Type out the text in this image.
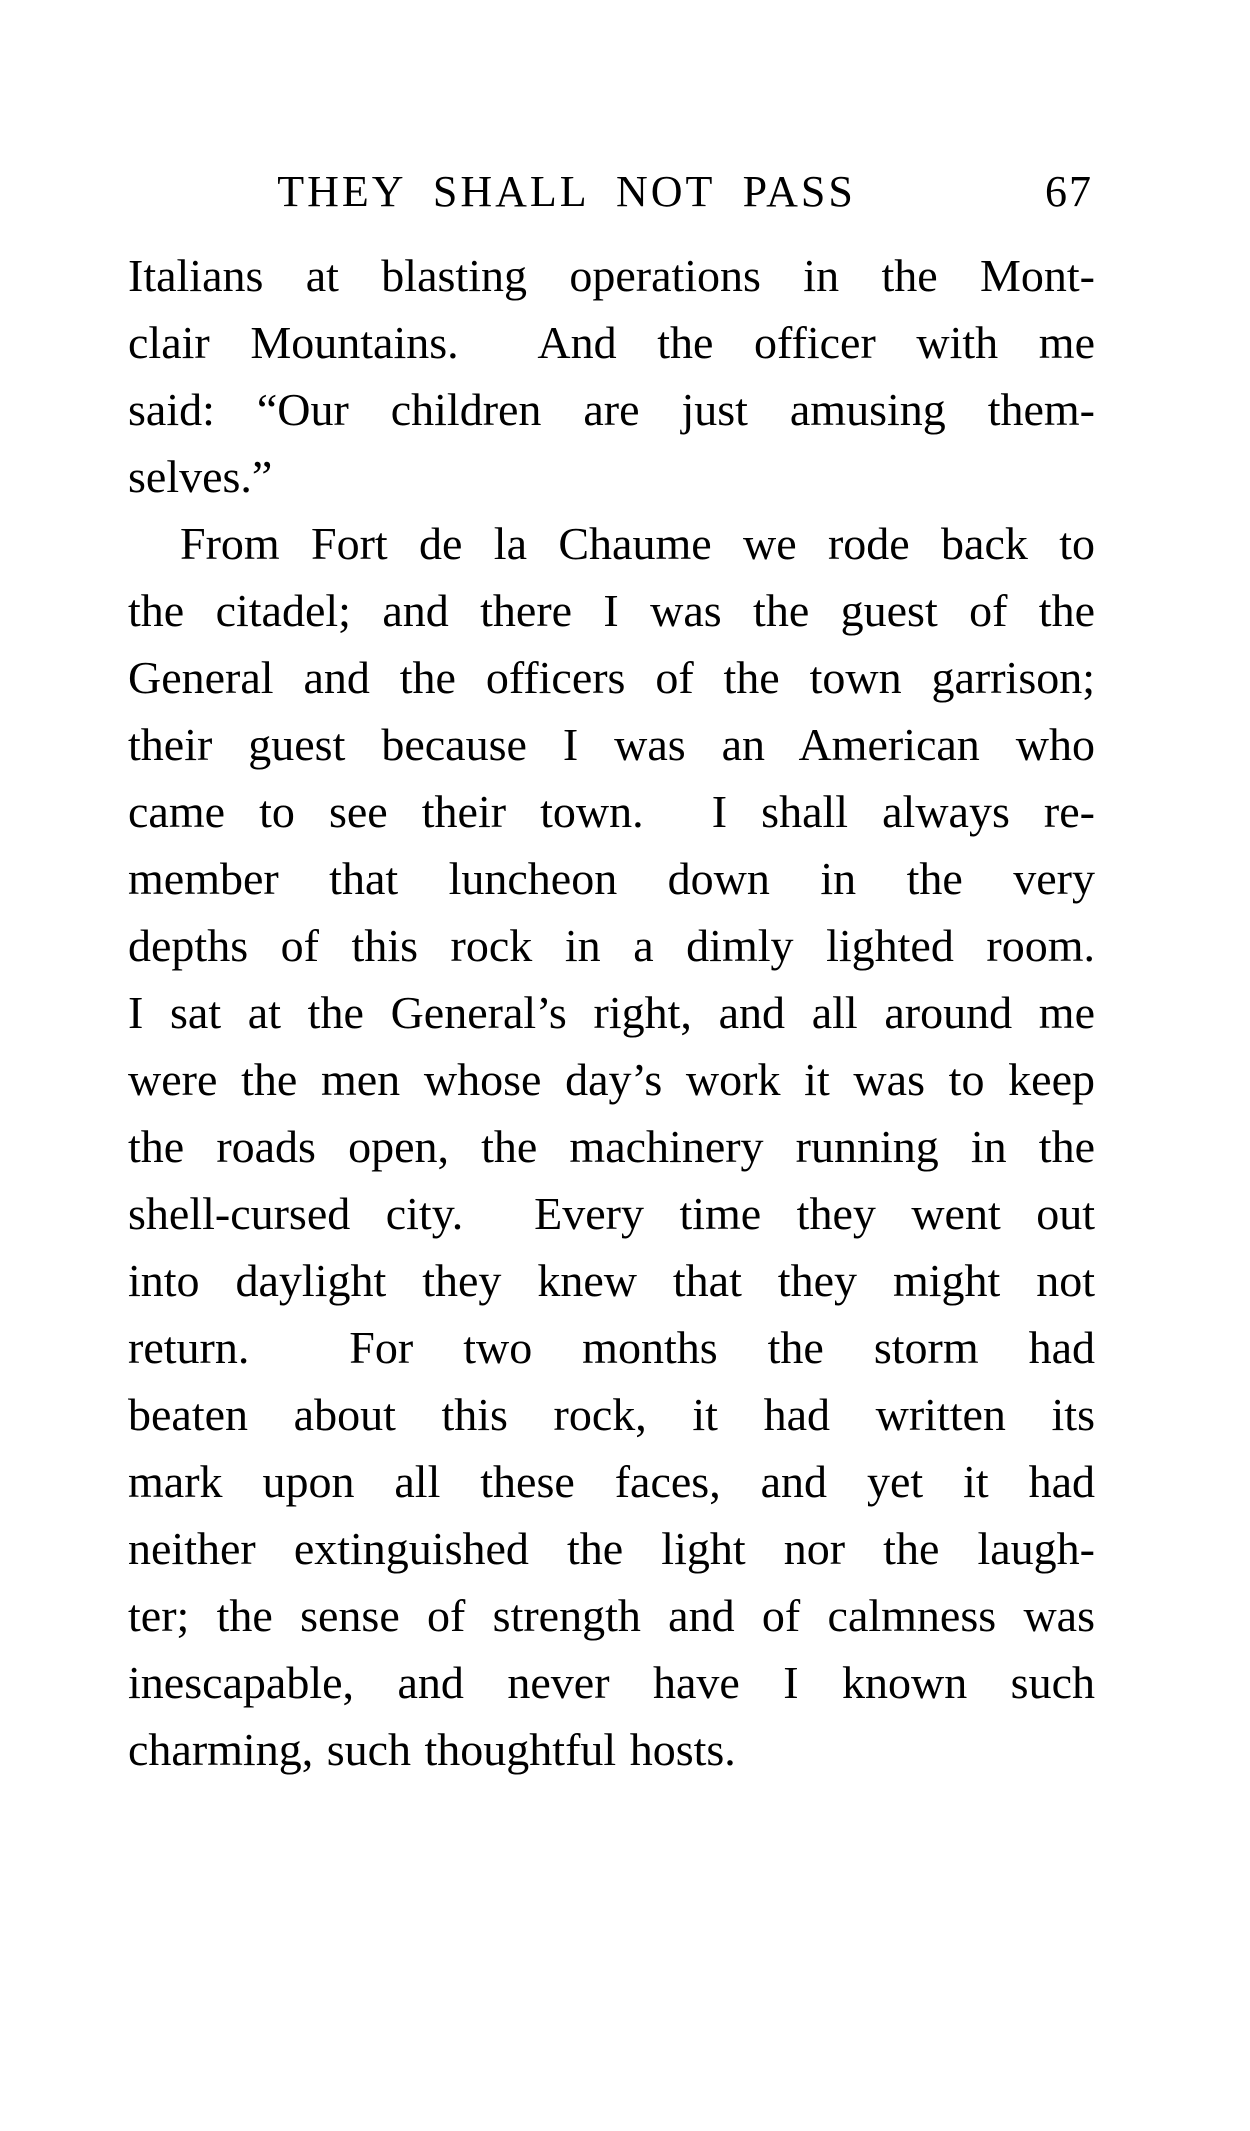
THEY SHALL NOT PASS	67
Italians at blasting operations in the Mont-
clair Mountains.  And the officer with me
said: “Our children are just amusing them-
selves.”
From Fort de la Chaume we rode back to
the citadel; and there I was the guest of the
General and the officers of the town garrison;
their guest because I was an American who
came to see their town.  I shall always re-
member that luncheon down in the very
depths of this rock in a dimly lighted room.
I sat at the General’s right, and all around me
were the men whose day’s work it was to keep
the roads open, the machinery running in the
shell-cursed city.  Every time they went out
into daylight they knew that they might not
return.  For two months the storm had
beaten about this rock, it had written its
mark upon all these faces, and yet it had
neither extinguished the light nor the laugh-
ter; the sense of strength and of calmness was
inescapable, and never have I known such
charming, such thoughtful hosts.
